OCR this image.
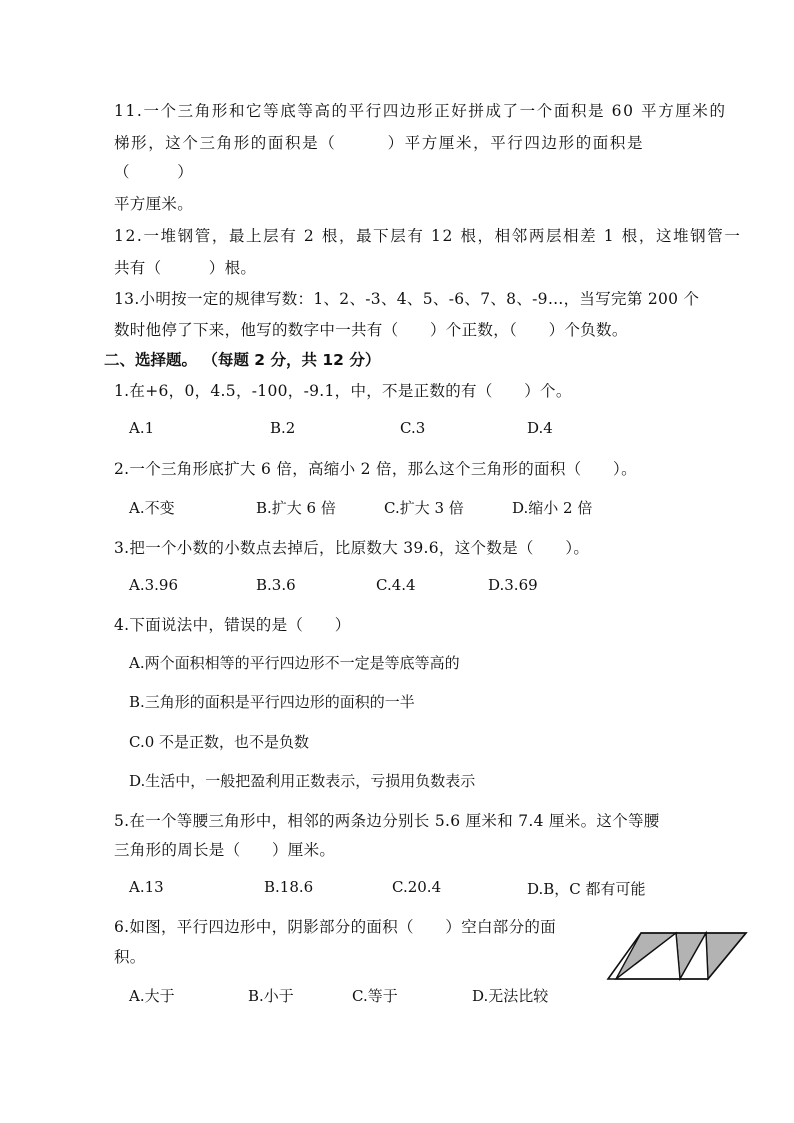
11.一个三角形和它等底等高的平行四边形正好拼成了一个面积是 60 平方厘米的
梯形，这个三角形的面积是（　　　）平方厘米，平行四边形的面积是
（　　　）
平方厘米。
12.一堆钢管，最上层有 2 根，最下层有 12 根，相邻两层相差 1 根，这堆钢管一
共有（　　　）根。
13.小明按一定的规律写数：1、2、-3、4、5、-6、7、8、-9…，当写完第 200 个
数时他停了下来，他写的数字中一共有（　　）个正数，（　　）个负数。
二、选择题。 （每题 2 分，共 12 分）
1.在+6，0，4.5，-100，-9.1，中，不是正数的有（　　）个。
A.1	B.2	C.3	D.4
2.一个三角形底扩大 6 倍，高缩小 2 倍，那么这个三角形的面积（　　）。
A.不变	B.扩大 6 倍	C.扩大 3 倍	D.缩小 2 倍
3.把一个小数的小数点去掉后，比原数大 39.6，这个数是（　　）。
A.3.96	B.3.6	C.4.4	D.3.69
4.下面说法中，错误的是（　　）
A.两个面积相等的平行四边形不一定是等底等高的
B.三角形的面积是平行四边形的面积的一半
C.0 不是正数，也不是负数
D.生活中，一般把盈利用正数表示，亏损用负数表示
5.在一个等腰三角形中，相邻的两条边分别长 5.6 厘米和 7.4 厘米。这个等腰
三角形的周长是（　　）厘米。
A.13	B.18.6	C.20.4	D.B，C 都有可能
6.如图，平行四边形中，阴影部分的面积（　　）空白部分的面
积。
A.大于	B.小于	C.等于	D.无法比较
